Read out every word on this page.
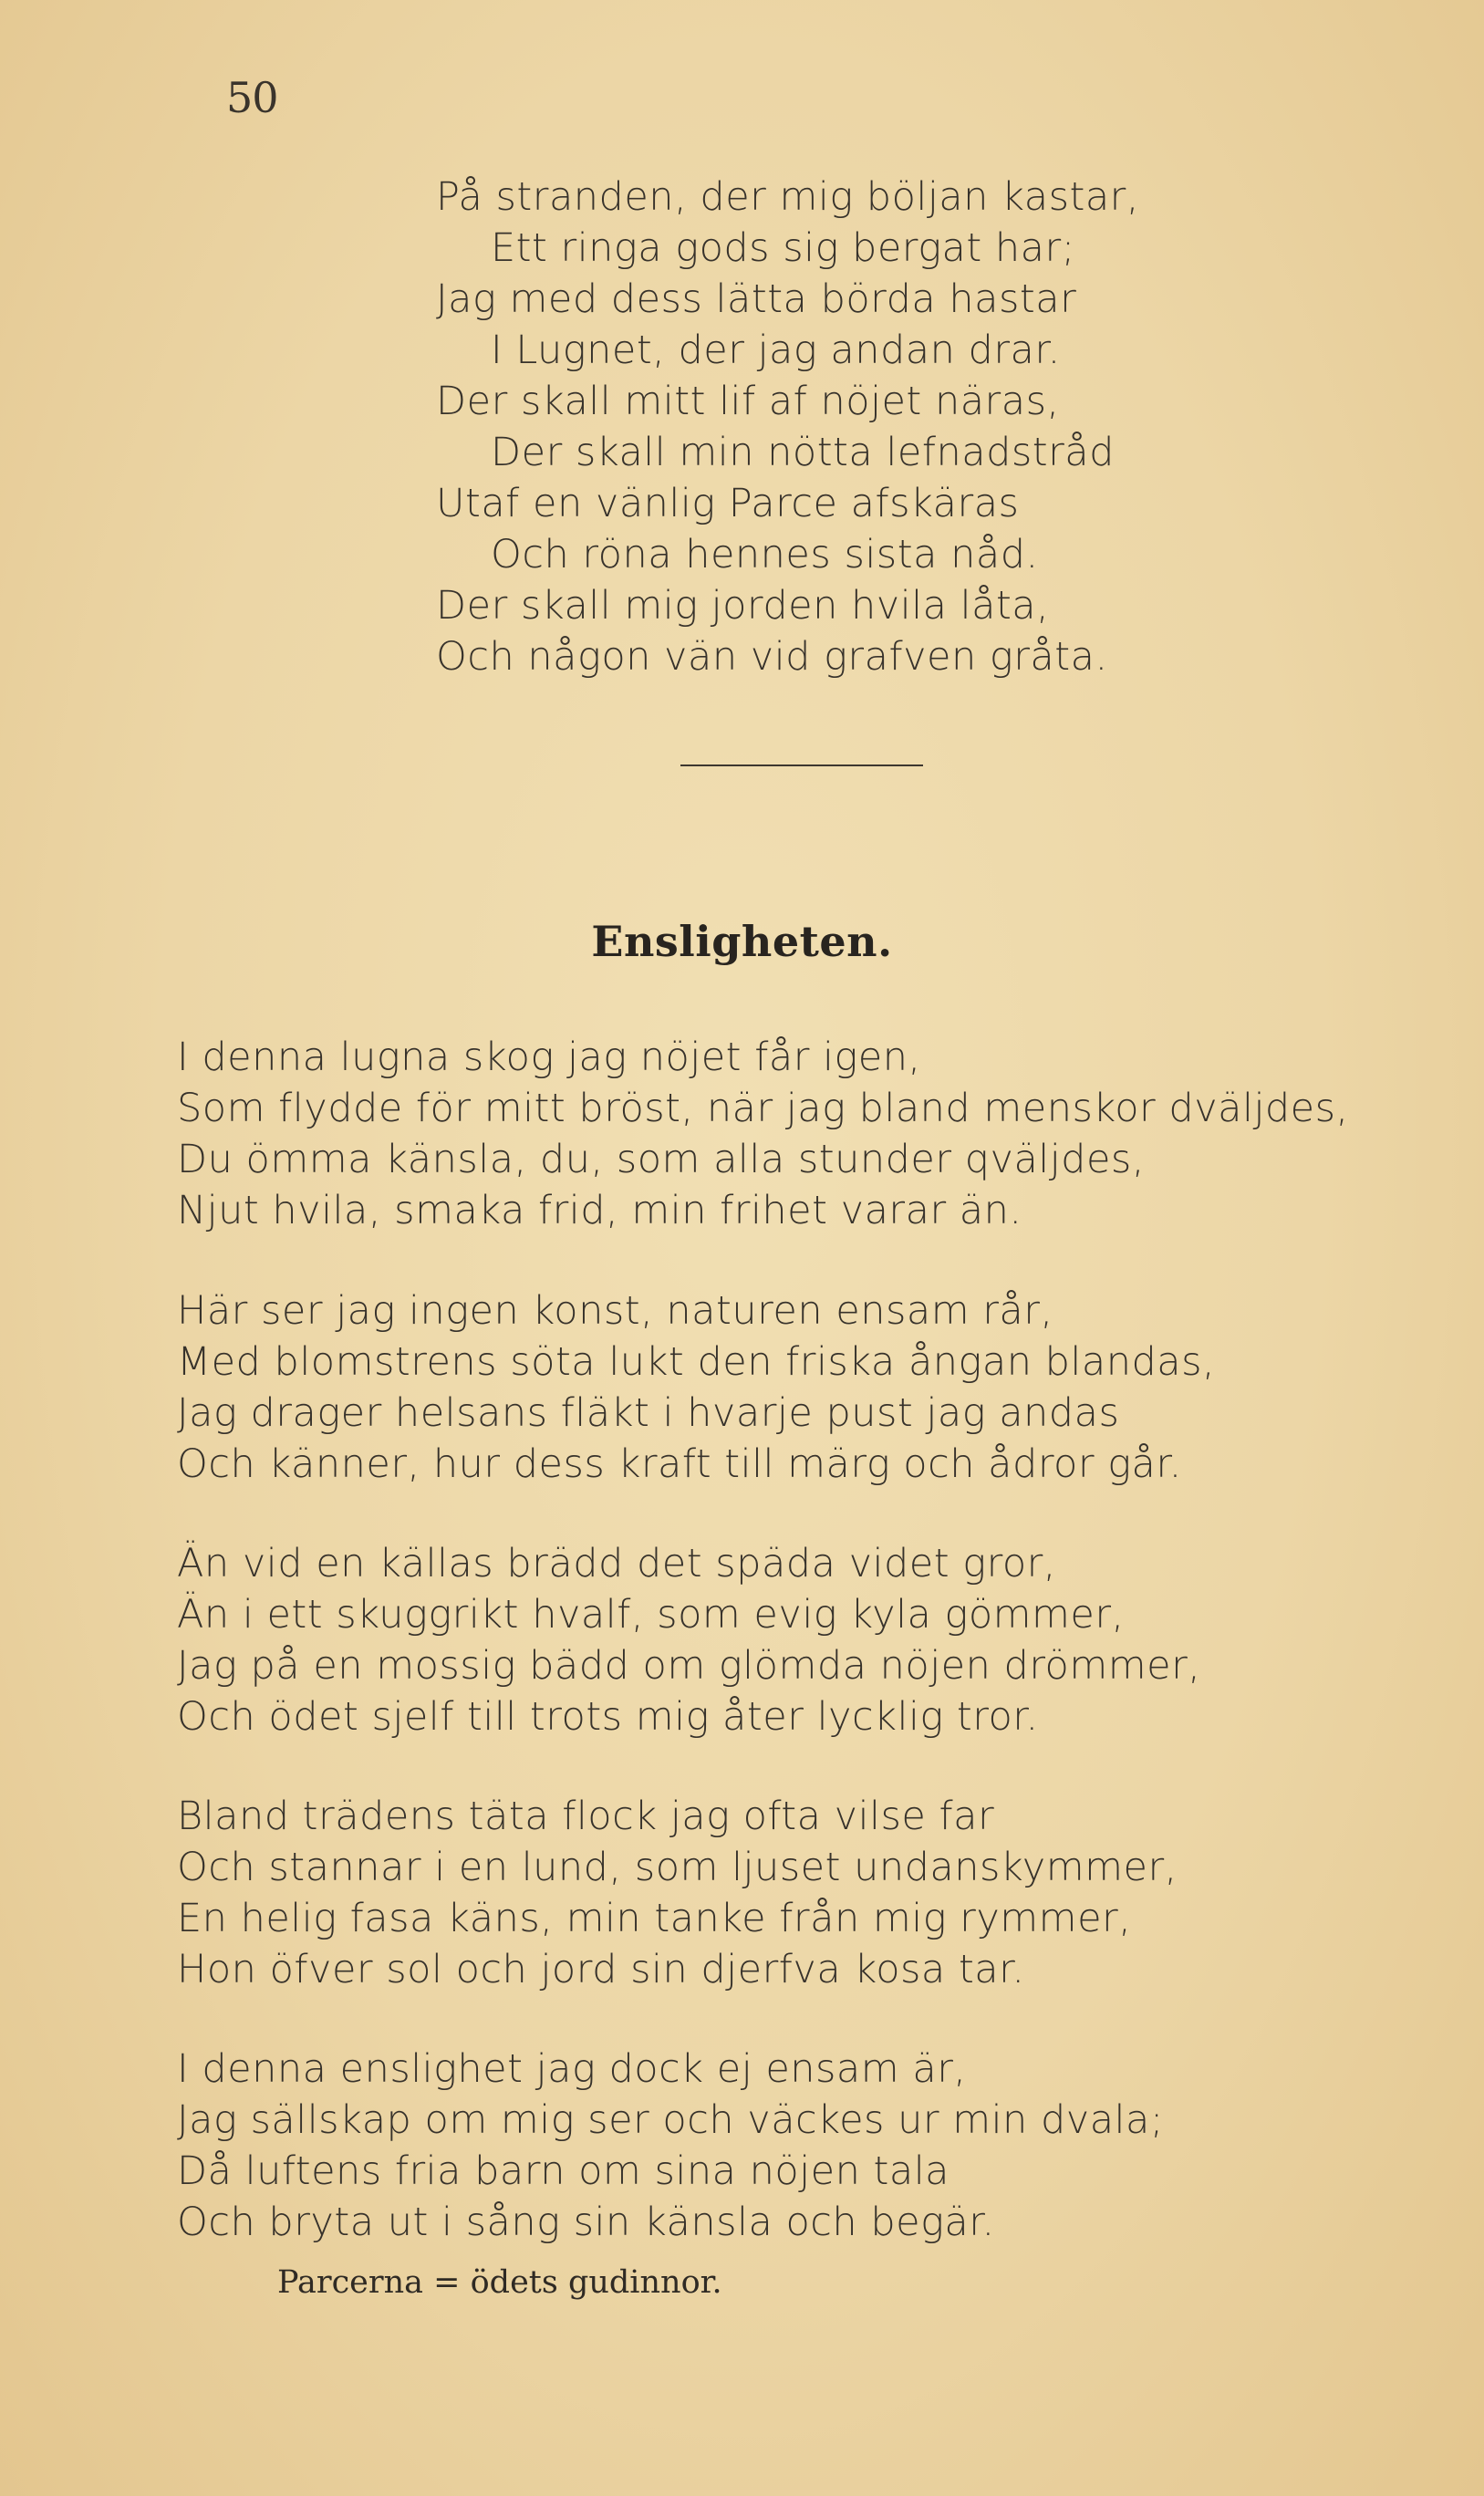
50
På stranden, der mig böljan kastar,
Ett ringa gods sig bergat har;
Jag med dess lätta börda hastar
I Lugnet, der jag andan drar.
Der skall mitt lif af nöjet näras,
Der skall min nötta lefnadstråd
Utaf en vänlig Parce afskäras
Och röna hennes sista nåd.
Der skall mig jorden hvila låta,
Och någon vän vid grafven gråta.
Ensligheten.
I denna lugna skog jag nöjet får igen,
Som flydde för mitt bröst, när jag bland menskor dväljdes,
Du ömma känsla, du, som alla stunder qväljdes,
Njut hvila, smaka frid, min frihet varar än.
Här ser jag ingen konst, naturen ensam rår,
Med blomstrens söta lukt den friska ångan blandas,
Jag drager helsans fläkt i hvarje pust jag andas
Och känner, hur dess kraft till märg och ådror går.
Än vid en källas brädd det späda videt gror,
Än i ett skuggrikt hvalf, som evig kyla gömmer,
Jag på en mossig bädd om glömda nöjen drömmer,
Och ödet sjelf till trots mig åter lycklig tror.
Bland trädens täta flock jag ofta vilse far
Och stannar i en lund, som ljuset undanskymmer,
En helig fasa käns, min tanke från mig rymmer,
Hon öfver sol och jord sin djerfva kosa tar.
I denna enslighet jag dock ej ensam är,
Jag sällskap om mig ser och väckes ur min dvala;
Då luftens fria barn om sina nöjen tala
Och bryta ut i sång sin känsla och begär.
Parcerna = ödets gudinnor.
